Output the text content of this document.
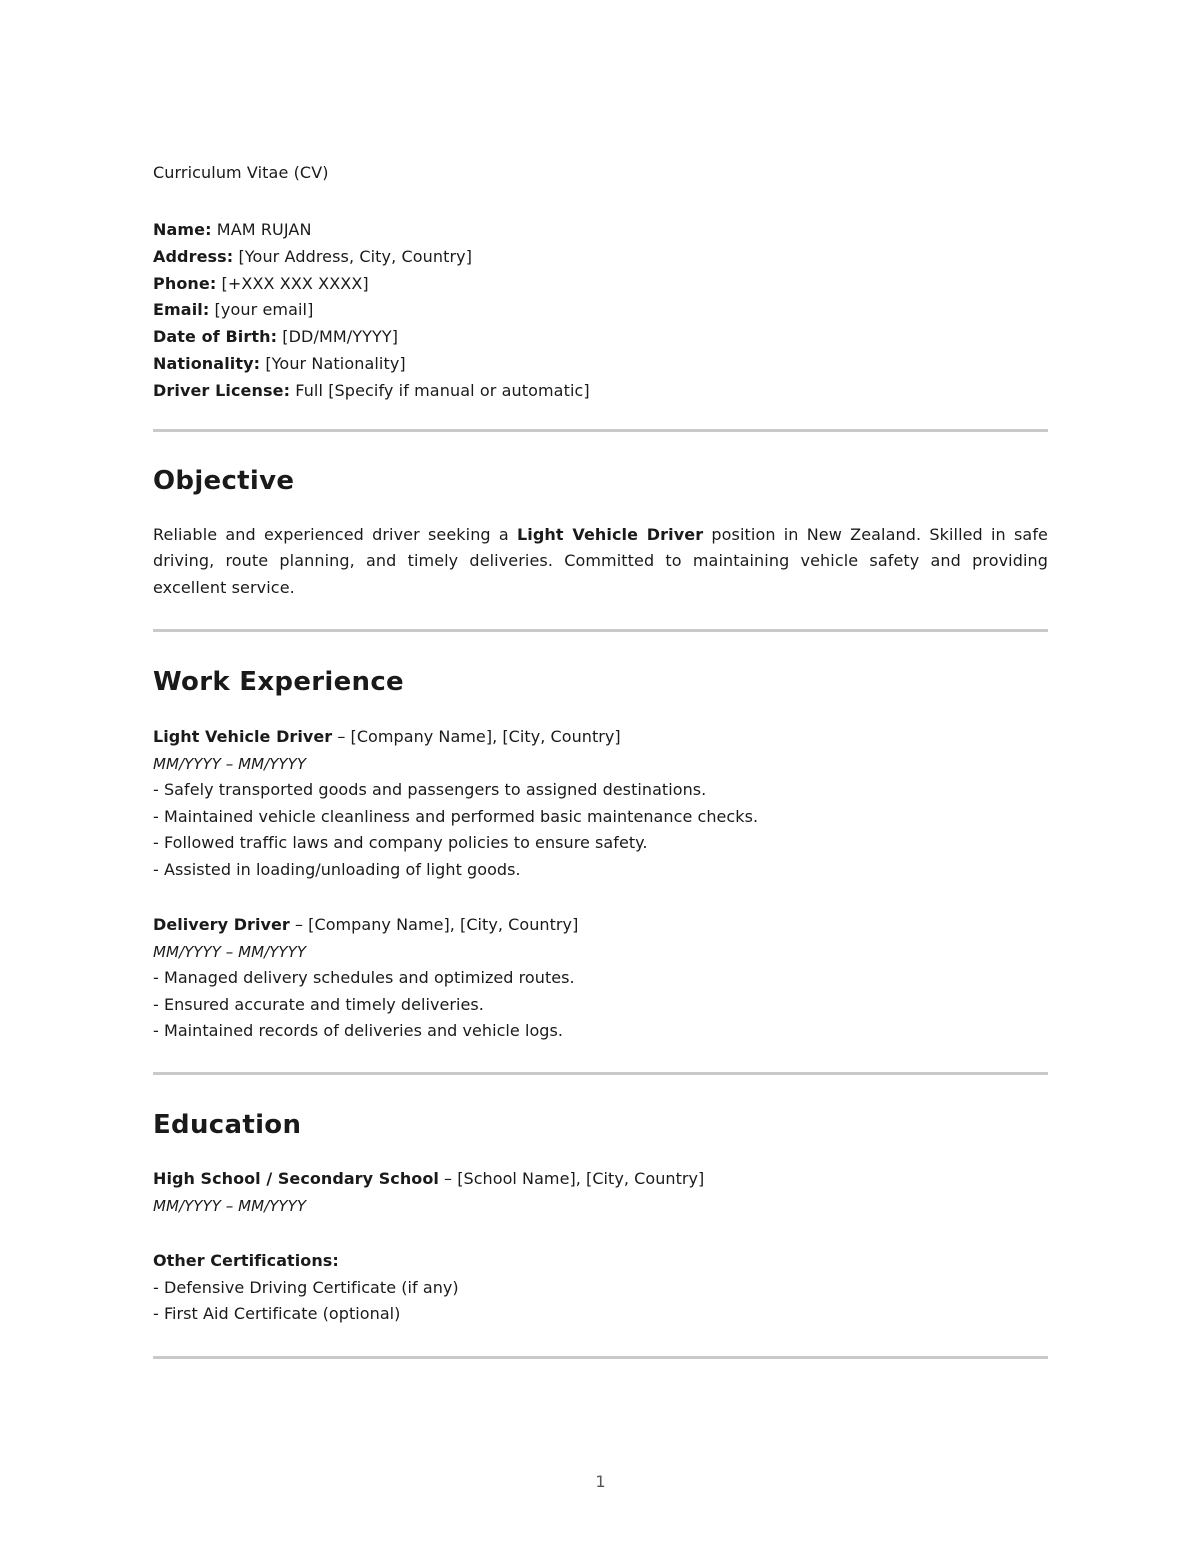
Curriculum Vitae (CV)
Name: MAM RUJAN
Address: [Your Address, City, Country]
Phone: [+XXX XXX XXXX]
Email: [your email]
Date of Birth: [DD/MM/YYYY]
Nationality: [Your Nationality]
Driver License: Full [Specify if manual or automatic]
Objective
Reliable and experienced driver seeking a Light Vehicle Driver position in New Zealand. Skilled in safe driving, route planning, and timely deliveries. Committed to maintaining vehicle safety and providing excellent service.
Work Experience
Light Vehicle Driver – [Company Name], [City, Country]
MM/YYYY – MM/YYYY
- Safely transported goods and passengers to assigned destinations.
- Maintained vehicle cleanliness and performed basic maintenance checks.
- Followed traffic laws and company policies to ensure safety.
- Assisted in loading/unloading of light goods.
Delivery Driver – [Company Name], [City, Country]
MM/YYYY – MM/YYYY
- Managed delivery schedules and optimized routes.
- Ensured accurate and timely deliveries.
- Maintained records of deliveries and vehicle logs.
Education
High School / Secondary School – [School Name], [City, Country]
MM/YYYY – MM/YYYY
Other Certifications:
- Defensive Driving Certificate (if any)
- First Aid Certificate (optional)
1
